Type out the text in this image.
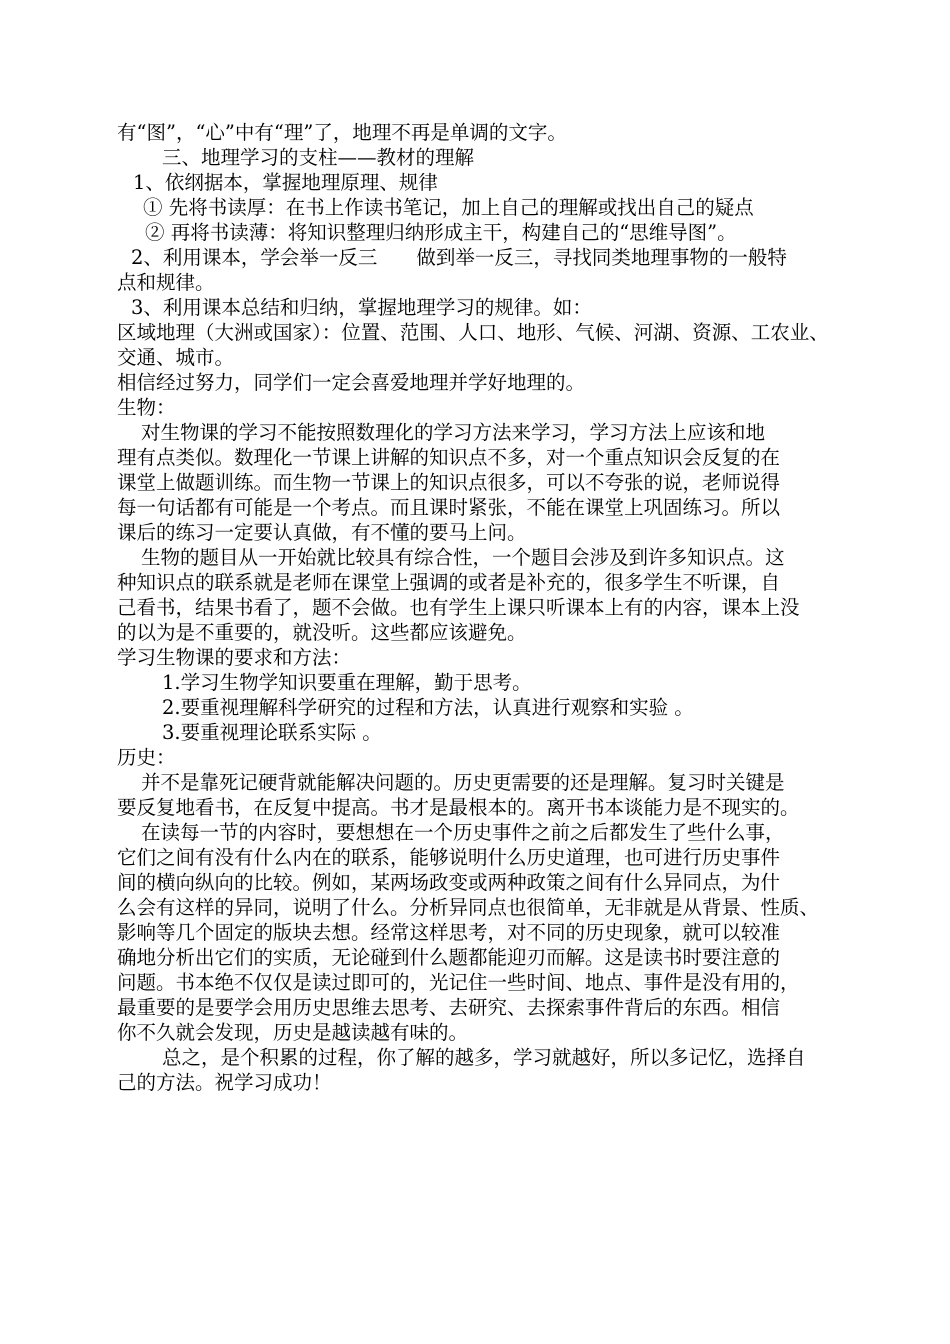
有“图”，“心”中有“理”了，地理不再是单调的文字。
三、地理学习的支柱——教材的理解
1、依纲据本，掌握地理原理、规律
① 先将书读厚：在书上作读书笔记，加上自己的理解或找出自己的疑点
② 再将书读薄：将知识整理归纳形成主干，构建自己的“思维导图”。
2、利用课本，学会举一反三　　做到举一反三，寻找同类地理事物的一般特
点和规律。
3、利用课本总结和归纳，掌握地理学习的规律。如：
区域地理（大洲或国家）：位置、范围、人口、地形、气候、河湖、资源、工农业、
交通、城市。
相信经过努力，同学们一定会喜爱地理并学好地理的。
生物：
对生物课的学习不能按照数理化的学习方法来学习，学习方法上应该和地
理有点类似。数理化一节课上讲解的知识点不多，对一个重点知识会反复的在
课堂上做题训练。而生物一节课上的知识点很多，可以不夸张的说，老师说得
每一句话都有可能是一个考点。而且课时紧张，不能在课堂上巩固练习。所以
课后的练习一定要认真做，有不懂的要马上问。
生物的题目从一开始就比较具有综合性，一个题目会涉及到许多知识点。这
种知识点的联系就是老师在课堂上强调的或者是补充的，很多学生不听课，自
己看书，结果书看了，题不会做。也有学生上课只听课本上有的内容，课本上没
的以为是不重要的，就没听。这些都应该避免。
学习生物课的要求和方法：
1.学习生物学知识要重在理解，勤于思考。
2.要重视理解科学研究的过程和方法，认真进行观察和实验 。
3.要重视理论联系实际 。
历史：
并不是靠死记硬背就能解决问题的。历史更需要的还是理解。复习时关键是
要反复地看书，在反复中提高。书才是最根本的。离开书本谈能力是不现实的。
在读每一节的内容时，要想想在一个历史事件之前之后都发生了些什么事，
它们之间有没有什么内在的联系，能够说明什么历史道理，也可进行历史事件
间的横向纵向的比较。例如，某两场政变或两种政策之间有什么异同点，为什
么会有这样的异同，说明了什么。分析异同点也很简单，无非就是从背景、性质、
影响等几个固定的版块去想。经常这样思考，对不同的历史现象，就可以较准
确地分析出它们的实质，无论碰到什么题都能迎刃而解。这是读书时要注意的
问题。书本绝不仅仅是读过即可的，光记住一些时间、地点、事件是没有用的，
最重要的是要学会用历史思维去思考、去研究、去探索事件背后的东西。相信
你不久就会发现，历史是越读越有味的。
总之，是个积累的过程，你了解的越多，学习就越好，所以多记忆，选择自
己的方法。祝学习成功！
